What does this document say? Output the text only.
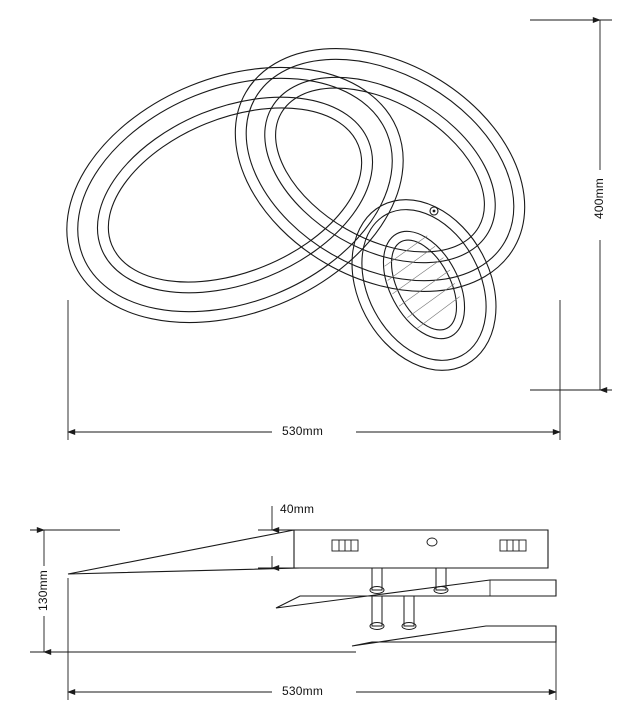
400mm
530mm
40mm
130mm
530mm
